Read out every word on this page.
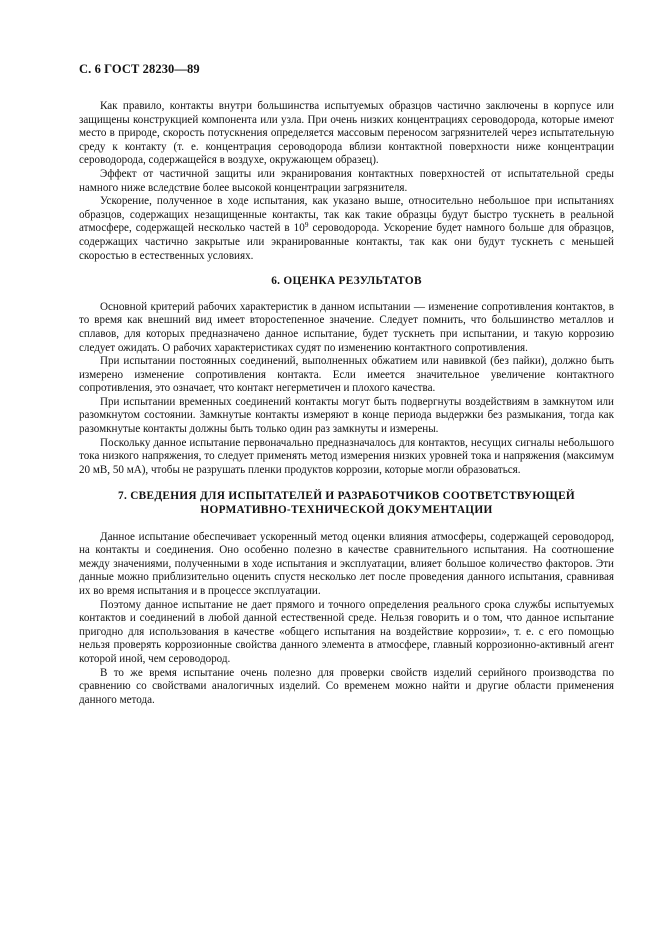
С. 6 ГОСТ 28230—89

Как правило, контакты внутри большинства испытуемых образцов частично заключены в корпусе или защищены конструкцией компонента или узла. При очень низких концентрациях сероводорода, которые имеют место в природе, скорость потускнения определяется массовым переносом загрязнителей через испытательную среду к контакту (т. е. концентрация сероводорода вблизи контактной поверхности ниже концентрации сероводорода, содержащейся в воздухе, окружающем образец).

Эффект от частичной защиты или экранирования контактных поверхностей от испытательной среды намного ниже вследствие более высокой концентрации загрязнителя.

Ускорение, полученное в ходе испытания, как указано выше, относительно небольшое при испытаниях образцов, содержащих незащищенные контакты, так как такие образцы будут быстро тускнеть в реальной атмосфере, содержащей несколько частей в $10^9$ сероводорода. Ускорение будет намного больше для образцов, содержащих частично закрытые или экранированные контакты, так как они будут тускнеть с меньшей скоростью в естественных условиях.

6. ОЦЕНКА РЕЗУЛЬТАТОВ

Основной критерий рабочих характеристик в данном испытании — изменение сопротивления контактов, в то время как внешний вид имеет второстепенное значение. Следует помнить, что большинство металлов и сплавов, для которых предназначено данное испытание, будет тускнеть при испытании, и такую коррозию следует ожидать. О рабочих характеристиках судят по изменению контактного сопротивления.

При испытании постоянных соединений, выполненных обжатием или навивкой (без пайки), должно быть измерено изменение сопротивления контакта. Если имеется значительное увеличение контактного сопротивления, это означает, что контакт негерметичен и плохого качества.

При испытании временных соединений контакты могут быть подвергнуты воздействиям в замкнутом или разомкнутом состоянии. Замкнутые контакты измеряют в конце периода выдержки без размыкания, тогда как разомкнутые контакты должны быть только один раз замкнуты и измерены.

Поскольку данное испытание первоначально предназначалось для контактов, несущих сигналы небольшого тока низкого напряжения, то следует применять метод измерения низких уровней тока и напряжения (максимум 20 мВ, 50 мА), чтобы не разрушать пленки продуктов коррозии, которые могли образоваться.

7. СВЕДЕНИЯ ДЛЯ ИСПЫТАТЕЛЕЙ И РАЗРАБОТЧИКОВ СООТВЕТСТВУЮЩЕЙ
НОРМАТИВНО-ТЕХНИЧЕСКОЙ ДОКУМЕНТАЦИИ

Данное испытание обеспечивает ускоренный метод оценки влияния атмосферы, содержащей сероводород, на контакты и соединения. Оно особенно полезно в качестве сравнительного испытания. На соотношение между значениями, полученными в ходе испытания и эксплуатации, влияет большое количество факторов. Эти данные можно приблизительно оценить спустя несколько лет после проведения данного испытания, сравнивая их во время испытания и в процессе эксплуатации.

Поэтому данное испытание не дает прямого и точного определения реального срока службы испытуемых контактов и соединений в любой данной естественной среде. Нельзя говорить и о том, что данное испытание пригодно для использования в качестве «общего испытания на воздействие коррозии», т. е. с его помощью нельзя проверять коррозионные свойства данного элемента в атмосфере, главный коррозионно-активный агент которой иной, чем сероводород.

В то же время испытание очень полезно для проверки свойств изделий серийного производства по сравнению со свойствами аналогичных изделий. Со временем можно найти и другие области применения данного метода.
